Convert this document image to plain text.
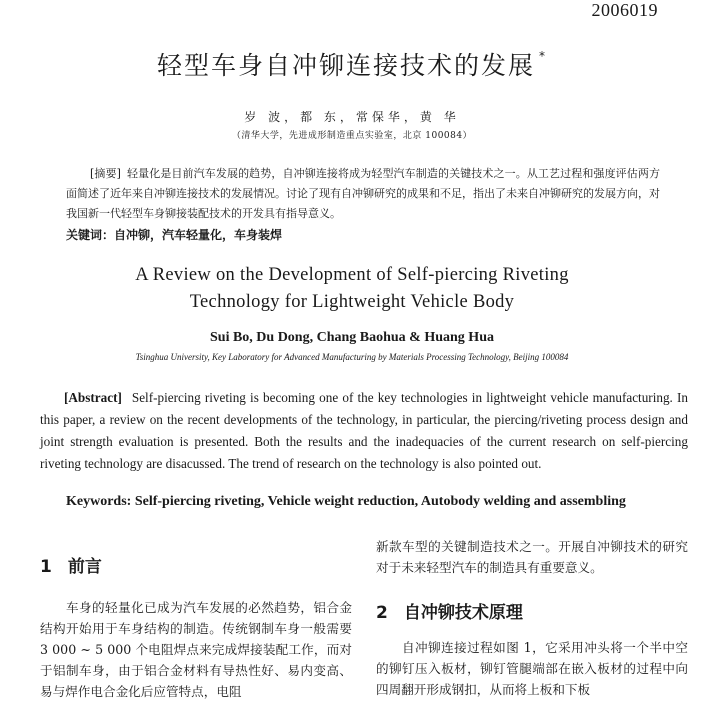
2006019
轻型车身自冲铆连接技术的发展 *
岁 波，都 东，常保华，黄 华
（清华大学，先进成形制造重点实验室，北京 100084）

[摘要] 轻量化是目前汽车发展的趋势，自冲铆连接将成为轻型汽车制造的关键技术之一。从工艺过程和强度评估两方面简述了近年来自冲铆连接技术的发展情况。讨论了现有自冲铆研究的成果和不足，指出了未来自冲铆研究的发展方向，对我国新一代轻型车身铆接装配技术的开发具有指导意义。

关键词：自冲铆，汽车轻量化，车身装焊
A Review on the Development of Self-piercing Riveting
Technology for Lightweight Vehicle Body
Sui Bo, Du Dong, Chang Baohua & Huang Hua
Tsinghua University, Key Laboratory for Advanced Manufacturing by Materials Processing Technology, Beijing 100084

[Abstract] Self-piercing riveting is becoming one of the key technologies in lightweight vehicle manufacturing. In this paper, a review on the recent developments of the technology, in particular, the piercing/riveting process design and joint strength evaluation is presented. Both the results and the inadequacies of the current research on self-piercing riveting technology are disacussed. The trend of research on the technology is also pointed out.

Keywords: Self-piercing riveting, Vehicle weight reduction, Autobody welding and assembling
1 前言

车身的轻量化已成为汽车发展的必然趋势，铝合金结构开始用于车身结构的制造。传统钢制车身一般需要 3 000 ~ 5 000 个电阻焊点来完成焊接装配工作，而对于铝制车身，由于铝合金材料有导热性好、易内变高、易与焊作电合金化后应管特点，电阻

新款车型的关键制造技术之一。开展自冲铆技术的研究对于未来轻型汽车的制造具有重要意义。

2 自冲铆技术原理

自冲铆连接过程如图 1，它采用冲头将一个半中空的铆钉压入板材，铆钉管腿端部在嵌入板材的过程中向四周翻开形成钢扣，从而将上板和下板
